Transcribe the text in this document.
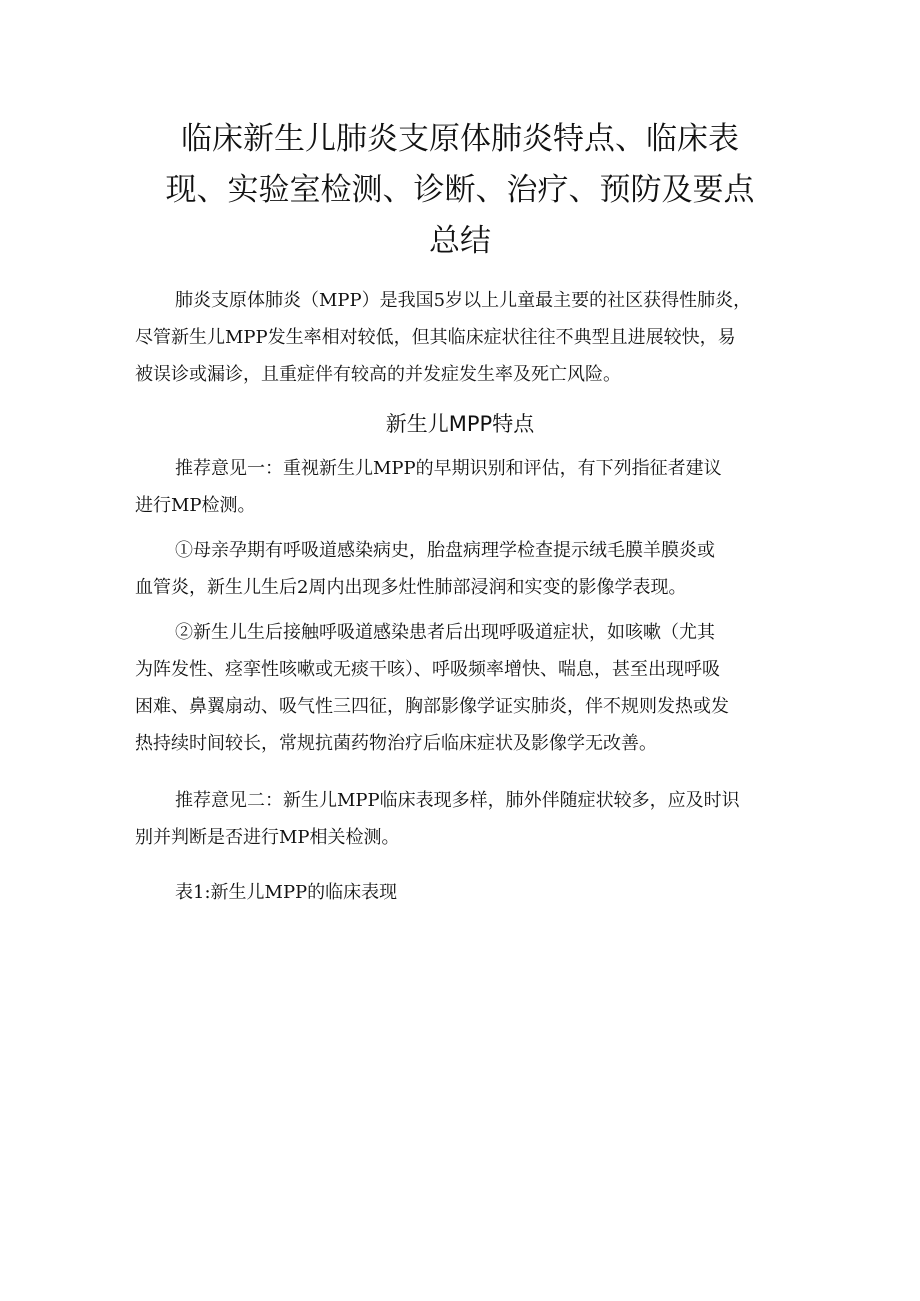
临床新生儿肺炎支原体肺炎特点、临床表
现、实验室检测、诊断、治疗、预防及要点
总结

肺炎支原体肺炎（MPP）是我国5岁以上儿童最主要的社区获得性肺炎，
尽管新生儿MPP发生率相对较低，但其临床症状往往不典型且进展较快，易
被误诊或漏诊，且重症伴有较高的并发症发生率及死亡风险。

新生儿MPP特点

推荐意见一：重视新生儿MPP的早期识别和评估，有下列指征者建议
进行MP检测。

①母亲孕期有呼吸道感染病史，胎盘病理学检查提示绒毛膜羊膜炎或
血管炎，新生儿生后2周内出现多灶性肺部浸润和实变的影像学表现。

②新生儿生后接触呼吸道感染患者后出现呼吸道症状，如咳嗽（尤其
为阵发性、痉挛性咳嗽或无痰干咳）、呼吸频率增快、喘息，甚至出现呼吸
困难、鼻翼扇动、吸气性三四征，胸部影像学证实肺炎，伴不规则发热或发
热持续时间较长，常规抗菌药物治疗后临床症状及影像学无改善。

推荐意见二：新生儿MPP临床表现多样，肺外伴随症状较多，应及时识
别并判断是否进行MP相关检测。

表1:新生儿MPP的临床表现
